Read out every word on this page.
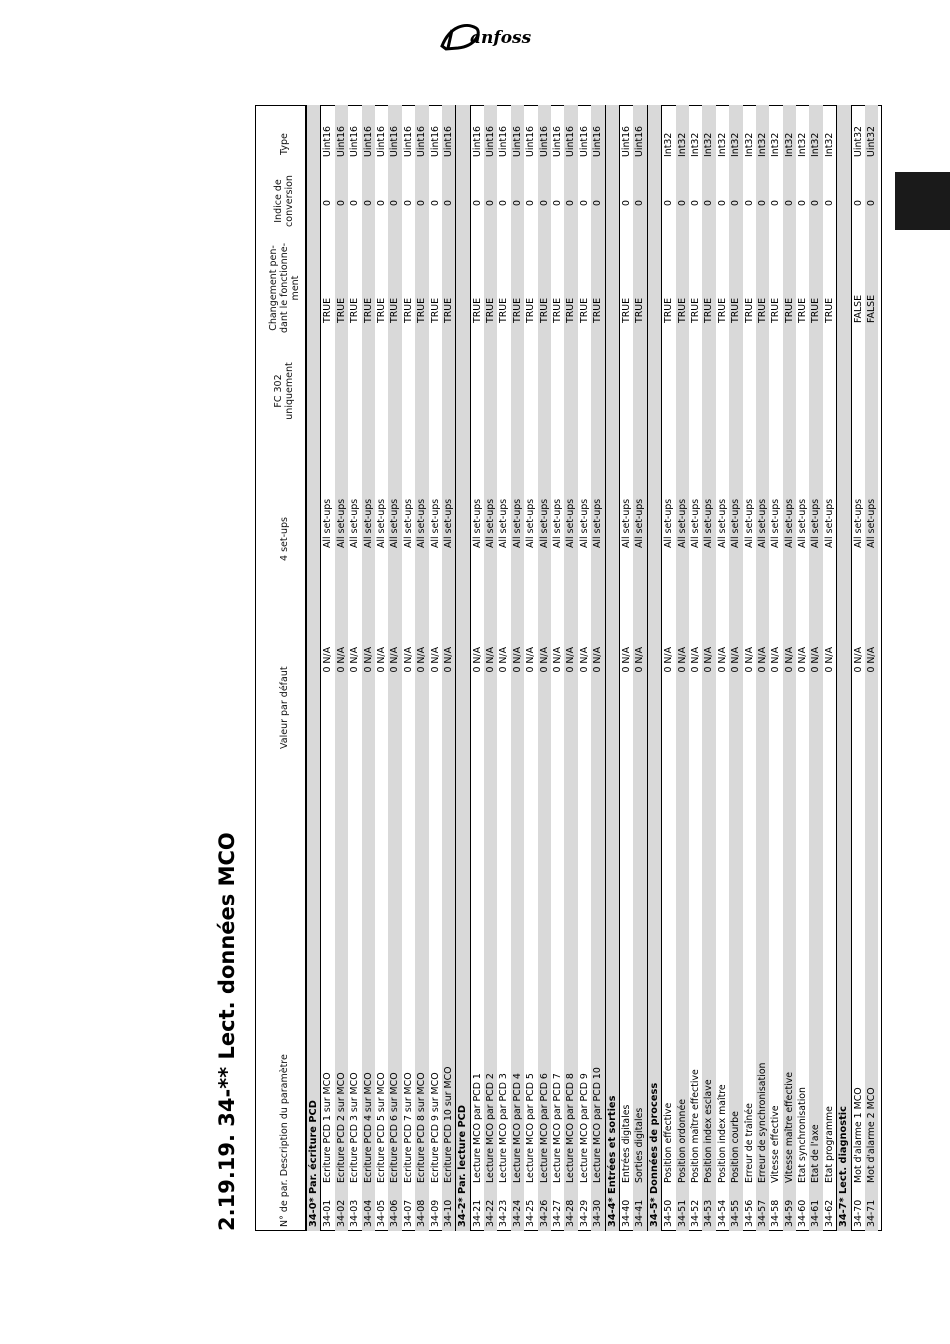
anfoss
2.19.19. 34-** Lect. données MCO	N° de par. Description du paramètre
Valeur par défaut
4 set-ups
FC 302 uniquement
Changement pen- dant le fonctionne- ment
Indice de conversion
Type
34-0* Par. écriture PCD 34-01
Ecriture PCD 1 sur MCO
0 N/A
All set-ups
TRUE
0
Uint16
34-02
Ecriture PCD 2 sur MCO
0 N/A
All set-ups
TRUE
0
Uint16
34-03
Ecriture PCD 3 sur MCO
0 N/A
All set-ups
TRUE
0
Uint16
34-04
Ecriture PCD 4 sur MCO
0 N/A
All set-ups
TRUE
0
Uint16
34-05
Ecriture PCD 5 sur MCO
0 N/A
All set-ups
TRUE
0
Uint16
34-06
Ecriture PCD 6 sur MCO
0 N/A
All set-ups
TRUE
0
Uint16
34-07
Ecriture PCD 7 sur MCO
0 N/A
All set-ups
TRUE
0
Uint16
34-08
Ecriture PCD 8 sur MCO
0 N/A
All set-ups
TRUE
0
Uint16
34-09
Ecriture PCD 9 sur MCO
0 N/A
All set-ups
TRUE
0
Uint16
34-10
Ecriture PCD 10 sur MCO
0 N/A
All set-ups
TRUE
0
Uint16
34-2* Par. lecture PCD 34-21
Lecture MCO par PCD 1
0 N/A
All set-ups
TRUE
0
Uint16
34-22
Lecture MCO par PCD 2
0 N/A
All set-ups
TRUE
0
Uint16
34-23
Lecture MCO par PCD 3
0 N/A
All set-ups
TRUE
0
Uint16
34-24
Lecture MCO par PCD 4
0 N/A
All set-ups
TRUE
0
Uint16
34-25
Lecture MCO par PCD 5
0 N/A
All set-ups
TRUE
0
Uint16
34-26
Lecture MCO par PCD 6
0 N/A
All set-ups
TRUE
0
Uint16
34-27
Lecture MCO par PCD 7
0 N/A
All set-ups
TRUE
0
Uint16
34-28
Lecture MCO par PCD 8
0 N/A
All set-ups
TRUE
0
Uint16
34-29
Lecture MCO par PCD 9
0 N/A
All set-ups
TRUE
0
Uint16
34-30
Lecture MCO par PCD 10
0 N/A
All set-ups
TRUE
0
Uint16
34-4* Entrées et sorties 34-40
Entrées digitales
0 N/A
All set-ups
TRUE
0
Uint16
34-41
Sorties digitales
0 N/A
All set-ups
TRUE
0
Uint16
34-5* Données de process 34-50
Position effective
0 N/A
All set-ups
TRUE
0
Int32
34-51
Position ordonnée
0 N/A
All set-ups
TRUE
0
Int32
34-52
Position maître effective
0 N/A
All set-ups
TRUE
0
Int32
34-53
Position index esclave
0 N/A
All set-ups
TRUE
0
Int32
34-54
Position index maître
0 N/A
All set-ups
TRUE
0
Int32
34-55
Position courbe
0 N/A
All set-ups
TRUE
0
Int32
34-56
Erreur de traînée
0 N/A
All set-ups
TRUE
0
Int32
34-57
Erreur de synchronisation
0 N/A
All set-ups
TRUE
0
Int32
34-58
Vitesse effective
0 N/A
All set-ups
TRUE
0
Int32
34-59
Vitesse maître effective
0 N/A
All set-ups
TRUE
0
Int32
34-60
Etat synchronisation
0 N/A
All set-ups
TRUE
0
Int32
34-61
Etat de l'axe
0 N/A
All set-ups
TRUE
0
Int32
34-62
Etat programme
0 N/A
All set-ups
TRUE
0
Int32
34-7* Lect. diagnostic 34-70
Mot d'alarme 1 MCO
0 N/A
All set-ups
FALSE
0
Uint32
34-71
Mot d'alarme 2 MCO
0 N/A
All set-ups
FALSE
0
Uint32
